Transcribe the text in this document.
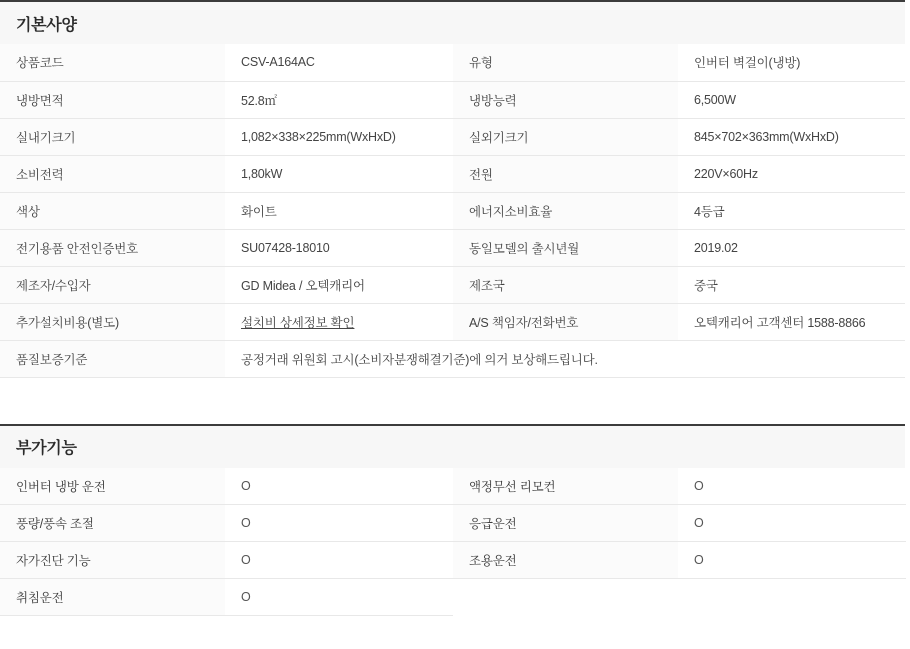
기본사양
상품코드	CSV-A164AC	유형	인버터 벽걸이(냉방)
냉방면적	52.8㎡	냉방능력	6,500W
실내기크기	1,082×338×225mm(WxHxD)	실외기크기	845×702×363mm(WxHxD)
소비전력	1,80kW	전원	220V×60Hz
색상	화이트	에너지소비효율	4등급
전기용품 안전인증번호	SU07428-18010	동일모델의 출시년월	2019.02
제조자/수입자	GD Midea / 오텍캐리어	제조국	중국
추가설치비용(별도)	설치비 상세정보 확인	A/S 책임자/전화번호	오텍캐리어 고객센터 1588-8866
품질보증기준	공정거래 위원회 고시(소비자분쟁해결기준)에 의거 보상해드립니다.		
부가기능
인버터 냉방 운전	O	액정무선 리모컨	O
풍량/풍속 조절	O	응급운전	O
자가진단 기능	O	조용운전	O
취침운전	O		
